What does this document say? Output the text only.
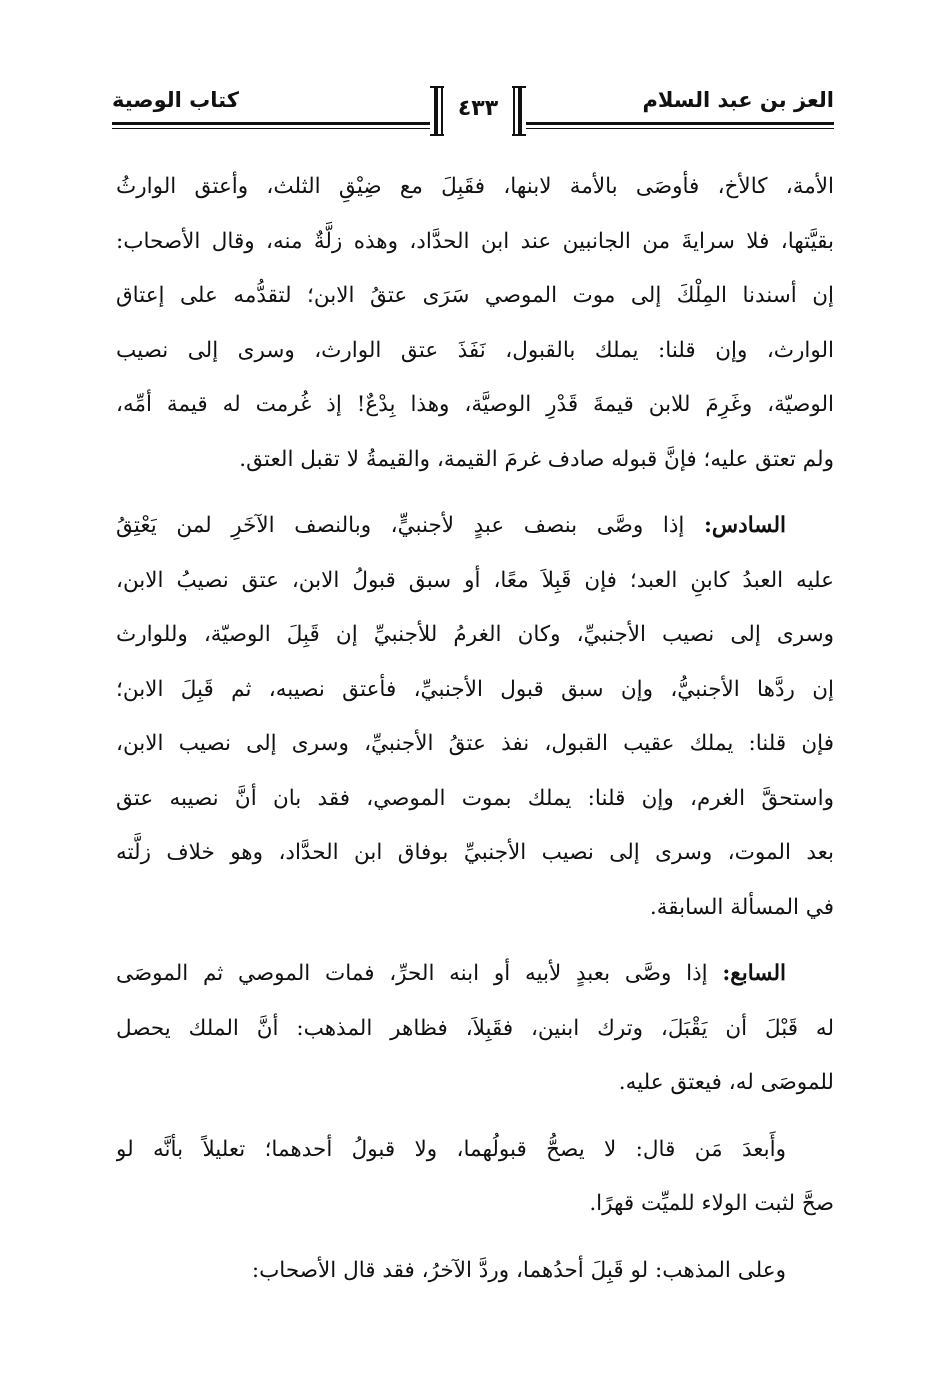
العز بن عبد السلام
كتاب الوصية	٤٣٣
الأمة، كالأخ، فأوصَى بالأمة لابنها، فقَبِلَ مع ضِيْقِ الثلث، وأعتق الوارثُ
بقيَّتها، فلا سرايةَ من الجانبين عند ابن الحدَّاد، وهذه زلَّةٌ منه، وقال الأصحاب:
إن أسندنا المِلْكَ إلى موت الموصي سَرَى عتقُ الابن؛ لتقدُّمه على إعتاق
الوارث، وإن قلنا: يملك بالقبول، نَفَذَ عتق الوارث، وسرى إلى نصيب
الوصيّة، وغَرِمَ للابن قيمةَ قَدْرِ الوصيَّة، وهذا بِدْعٌ! إذ غُرمت له قيمة أمِّه،
ولم تعتق عليه؛ فإنَّ قبوله صادف غرمَ القيمة، والقيمةُ لا تقبل العتق.
السادس: إذا وصَّى بنصف عبدٍ لأجنبيٍّ، وبالنصف الآخَرِ لمن يَعْتِقُ
عليه العبدُ كابنِ العبد؛ فإن قَبِلاَ معًا، أو سبق قبولُ الابن، عتق نصيبُ الابن،
وسرى إلى نصيب الأجنبيِّ، وكان الغرمُ للأجنبيِّ إن قَبِلَ الوصيّة، وللوارث
إن ردَّها الأجنبيُّ، وإن سبق قبول الأجنبيِّ، فأعتق نصيبه، ثم قَبِلَ الابن؛
فإن قلنا: يملك عقيب القبول، نفذ عتقُ الأجنبيِّ، وسرى إلى نصيب الابن،
واستحقَّ الغرم، وإن قلنا: يملك بموت الموصي، فقد بان أنَّ نصيبه عتق
بعد الموت، وسرى إلى نصيب الأجنبيِّ بوفاق ابن الحدَّاد، وهو خلاف زلَّته
في المسألة السابقة.
السابع: إذا وصَّى بعبدٍ لأبيه أو ابنه الحرِّ، فمات الموصي ثم الموصَى
له قَبْلَ أن يَقْبَلَ، وترك ابنين، فقَبِلاَ، فظاهر المذهب: أنَّ الملك يحصل
للموصَى له، فيعتق عليه.
وأَبعدَ مَن قال: لا يصحُّ قبولُهما، ولا قبولُ أحدهما؛ تعليلاً بأنَّه لو
صحَّ لثبت الولاء للميِّت قهرًا.
وعلى المذهب: لو قَبِلَ أحدُهما، وردَّ الآخرُ، فقد قال الأصحاب:
